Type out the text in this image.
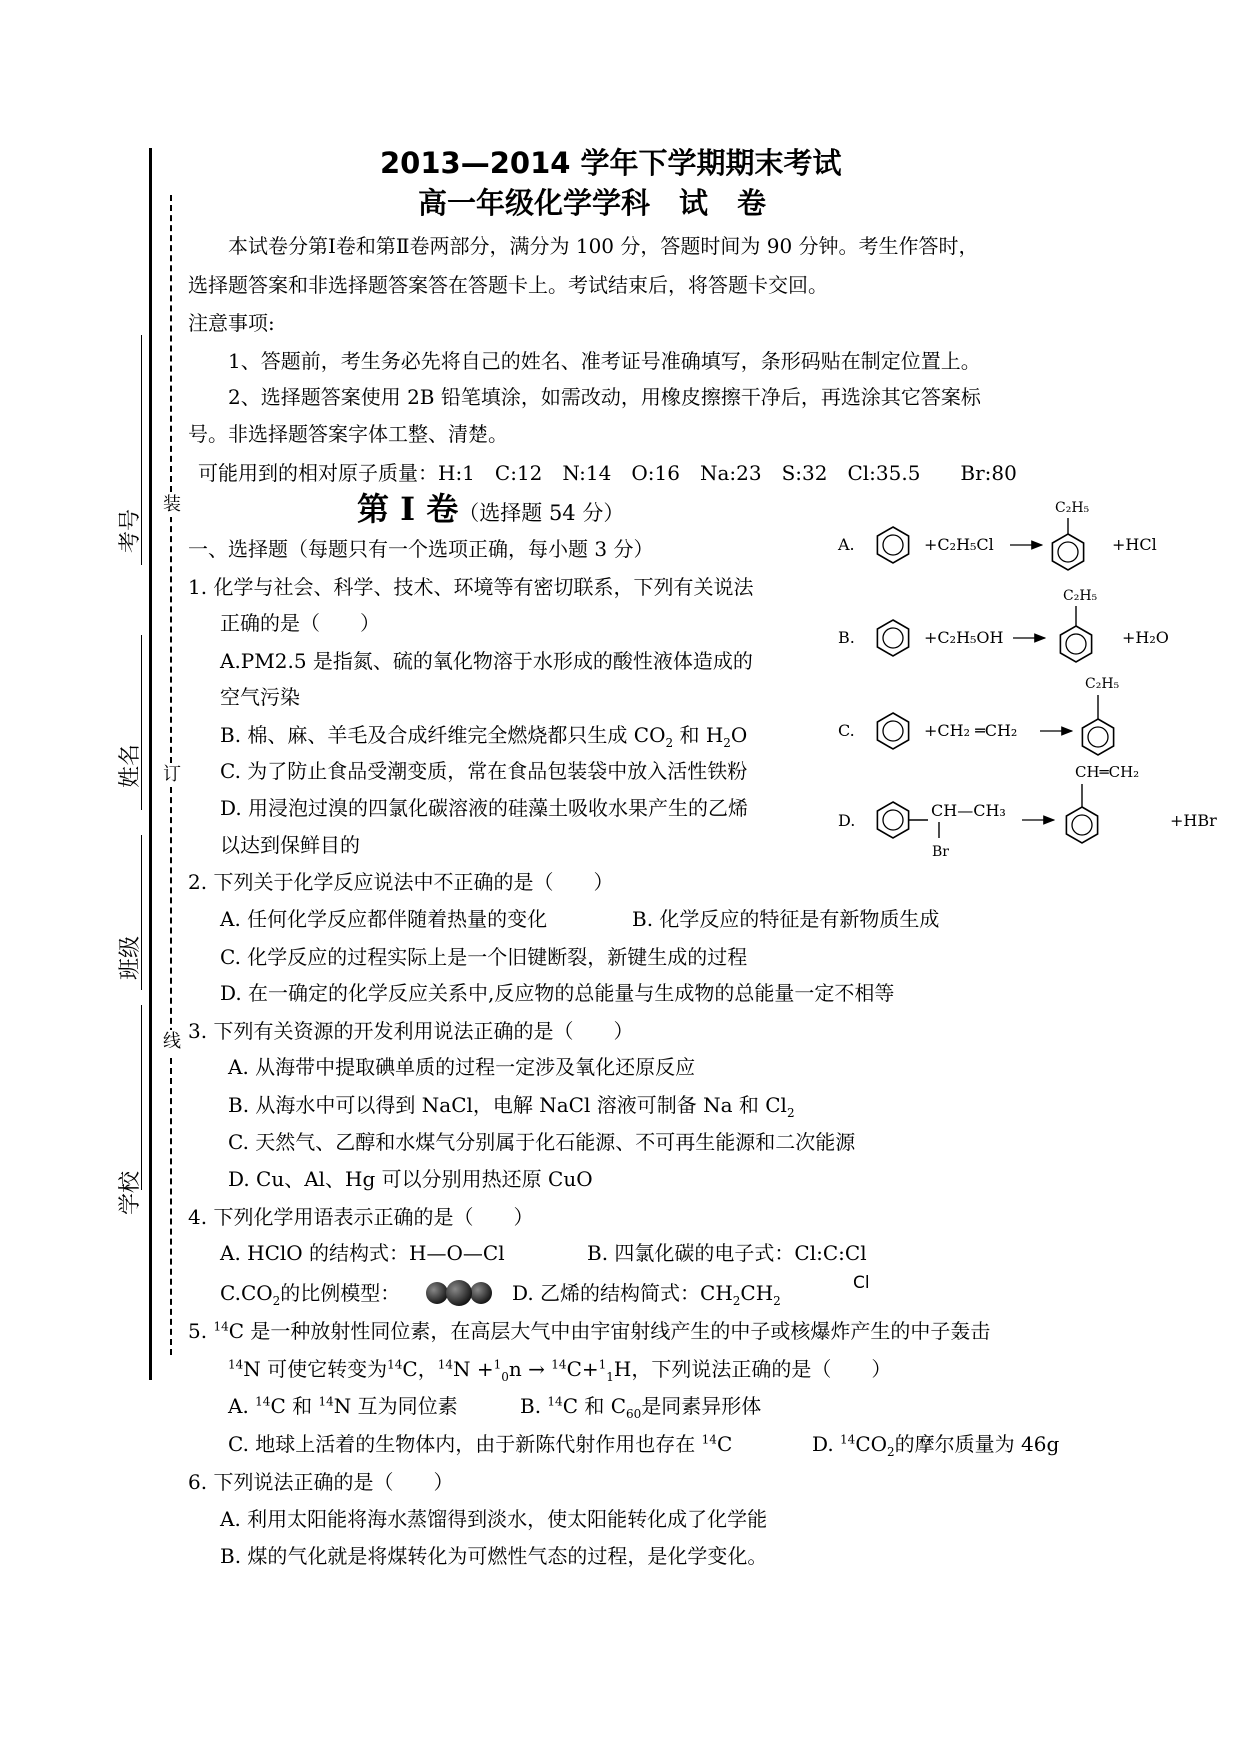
装
订
线
考号
姓名
班级
学校
2013—2014 学年下学期期末考试
高一年级化学学科　试　卷
本试卷分第Ⅰ卷和第Ⅱ卷两部分，满分为 100 分，答题时间为 90 分钟。考生作答时，
选择题答案和非选择题答案答在答题卡上。考试结束后，将答题卡交回。
注意事项:
1、答题前，考生务必先将自己的姓名、准考证号准确填写，条形码贴在制定位置上。
2、选择题答案使用 2B 铅笔填涂，如需改动，用橡皮擦擦干净后，再选涂其它答案标
号。非选择题答案字体工整、清楚。
可能用到的相对原子质量：H:1　C:12　N:14　O:16　Na:23　S:32　Cl:35.5　　Br:80
第 I 卷（选择题 54 分）
一、选择题（每题只有一个选项正确，每小题 3 分）
1. 化学与社会、科学、技术、环境等有密切联系，下列有关说法
正确的是（　　）
A.PM2.5 是指氮、硫的氧化物溶于水形成的酸性液体造成的
空气污染
B. 棉、麻、羊毛及合成纤维完全燃烧都只生成 $CO_2$ 和 $H_2O$
C. 为了防止食品受潮变质，常在食品包装袋中放入活性铁粉
D. 用浸泡过溴的四氯化碳溶液的硅藻土吸收水果产生的乙烯
以达到保鲜目的
2. 下列关于化学反应说法中不正确的是（　　）
A. 任何化学反应都伴随着热量的变化	B. 化学反应的特征是有新物质生成
C. 化学反应的过程实际上是一个旧键断裂，新键生成的过程
D. 在一确定的化学反应关系中,反应物的总能量与生成物的总能量一定不相等
3. 下列有关资源的开发利用说法正确的是（　　）
A. 从海带中提取碘单质的过程一定涉及氧化还原反应
B. 从海水中可以得到 NaCl，电解 NaCl 溶液可制备 Na 和 $Cl_2$
C. 天然气、乙醇和水煤气分别属于化石能源、不可再生能源和二次能源
D. Cu、Al、Hg 可以分别用热还原 CuO
4. 下列化学用语表示正确的是（　　）
A. HClO 的结构式：H—O—Cl	B. 四氯化碳的电子式：Cl:C:Cl
Cl
$C.CO_2$的比例模型：	D. 乙烯的结构简式：$CH_2CH_2$
5. $^{14}$C 是一种放射性同位素，在高层大气中由宇宙射线产生的中子或核爆炸产生的中子轰击
$^{14}$N 可使它转变为$^{14}$C，$^{14}$N +$^1_0$n → $^{14}$C+$^1_1$H，下列说法正确的是（　　）
A. $^{14}$C 和 $^{14}$N 互为同位素	B. $^{14}$C 和 $C_{60}$是同素异形体
C. 地球上活着的生物体内，由于新陈代射作用也存在 $^{14}$C	D. $^{14}CO_2$的摩尔质量为 46g
6. 下列说法正确的是（　　）
A. 利用太阳能将海水蒸馏得到淡水，使太阳能转化成了化学能
B. 煤的气化就是将煤转化为可燃性气态的过程，是化学变化。
A.	+C₂H₅Cl
C₂H₅
+HCl
B.	+C₂H₅OH
C₂H₅
+H₂O
C.	+CH₂ ═CH₂
C₂H₅
D.
CH—CH₃
Br
CH═CH₂
+HBr
